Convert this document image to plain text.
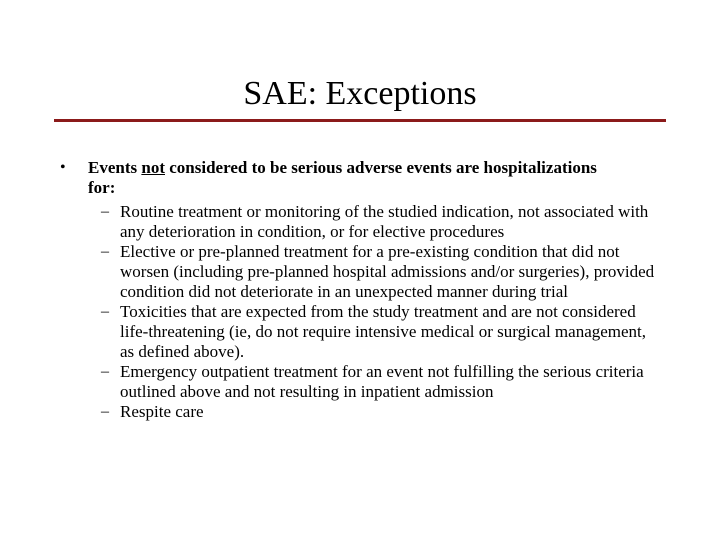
SAE: Exceptions
• Events not considered to be serious adverse events are hospitalizations for:
– Routine treatment or monitoring of the studied indication, not associated with any deterioration in condition, or for elective procedures
– Elective or pre-planned treatment for a pre-existing condition that did not worsen (including pre-planned hospital admissions and/or surgeries), provided condition did not deteriorate in an unexpected manner during trial
– Toxicities that are expected from the study treatment and are not considered life-threatening (ie, do not require intensive medical or surgical management, as defined above).
– Emergency outpatient treatment for an event not fulfilling the serious criteria outlined above and not resulting in inpatient admission
– Respite care
